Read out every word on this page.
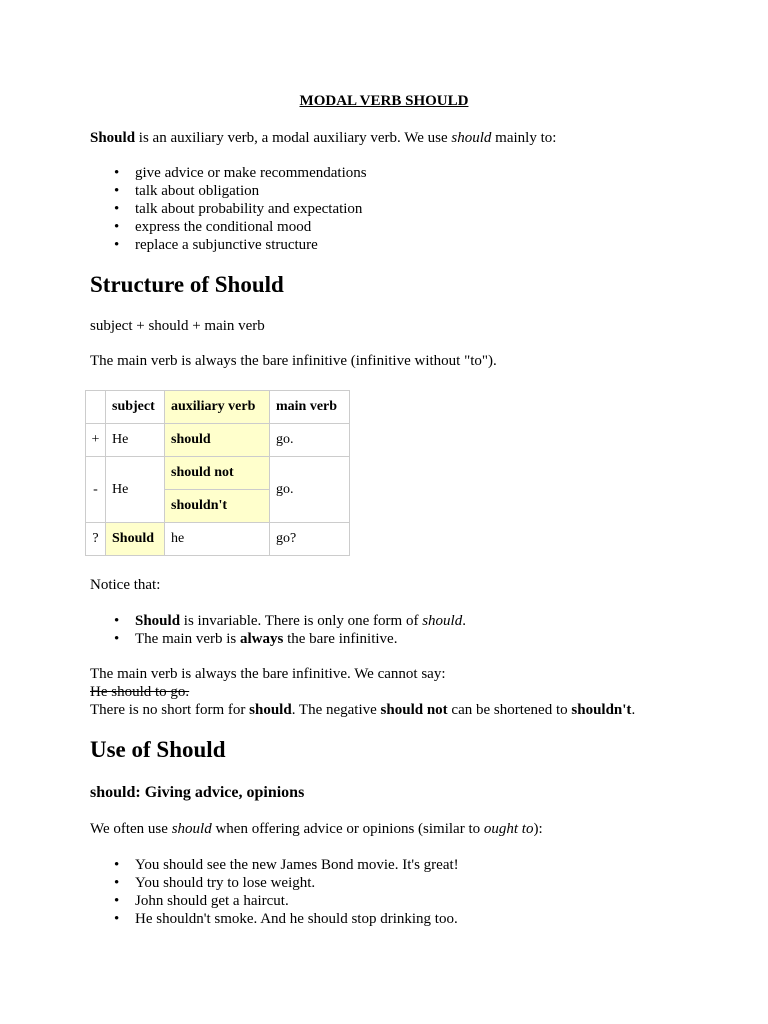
MODAL VERB SHOULD
Should is an auxiliary verb, a modal auxiliary verb. We use should mainly to:
• give advice or make recommendations
• talk about obligation
• talk about probability and expectation
• express the conditional mood
• replace a subjunctive structure
Structure of Should
subject + should + main verb
The main verb is always the bare infinitive (infinitive without "to").
	subject	auxiliary verb	main verb
+	He	should	go.
-	He	should not	go.
		shouldn't	
?	Should	he	go?
Notice that:
• Should is invariable. There is only one form of should.
• The main verb is always the bare infinitive.
The main verb is always the bare infinitive. We cannot say:
He should to go.
There is no short form for should. The negative should not can be shortened to shouldn't.
Use of Should
should: Giving advice, opinions
We often use should when offering advice or opinions (similar to ought to):
• You should see the new James Bond movie. It's great!
• You should try to lose weight.
• John should get a haircut.
• He shouldn't smoke. And he should stop drinking too.
